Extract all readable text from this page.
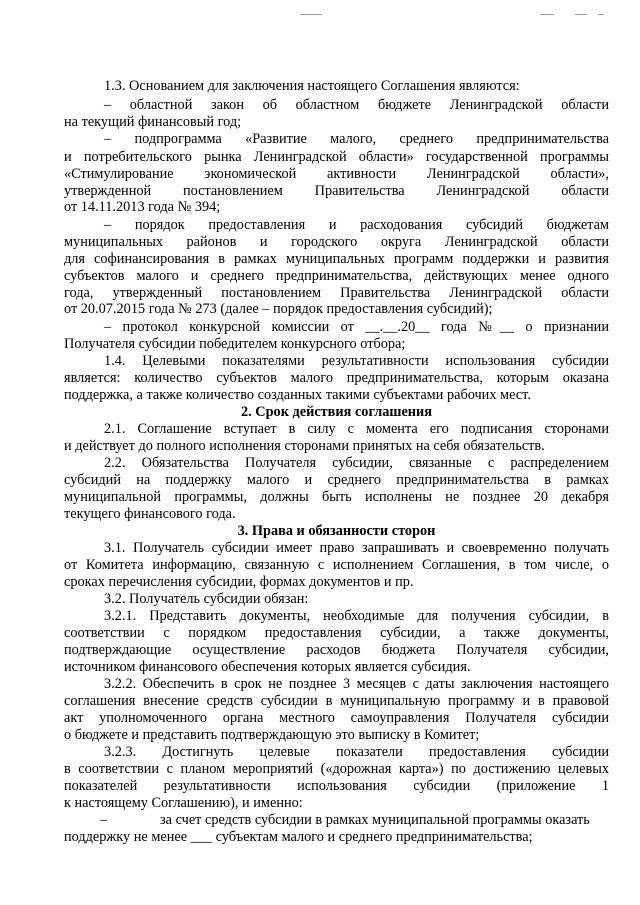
1.3. Основанием для заключения настоящего Соглашения являются:
– областной закон об областном бюджете Ленинградской области
на текущий финансовый год;
– подпрограмма «Развитие малого, среднего предпринимательства
и потребительского рынка Ленинградской области» государственной программы
«Стимулирование экономической активности Ленинградской области»,
утвержденной постановлением Правительства Ленинградской области
от 14.11.2013 года № 394;
– порядок предоставления и расходования субсидий бюджетам
муниципальных районов и городского округа Ленинградской области
для софинансирования в рамках муниципальных программ поддержки и развития
субъектов малого и среднего предпринимательства, действующих менее одного
года, утвержденный постановлением Правительства Ленинградской области
от 20.07.2015 года № 273 (далее – порядок предоставления субсидий);
– протокол конкурсной комиссии от __.__.20__ года №__ о признании
Получателя субсидии победителем конкурсного отбора;
1.4. Целевыми показателями результативности использования субсидии
является: количество субъектов малого предпринимательства, которым оказана
поддержка, а также количество созданных такими субъектами рабочих мест.
2. Срок действия соглашения
2.1. Соглашение вступает в силу с момента его подписания сторонами
и действует до полного исполнения сторонами принятых на себя обязательств.
2.2. Обязательства Получателя субсидии, связанные с распределением
субсидий на поддержку малого и среднего предпринимательства в рамках
муниципальной программы, должны быть исполнены не позднее 20 декабря
текущего финансового года.
3. Права и обязанности сторон
3.1. Получатель субсидии имеет право запрашивать и своевременно получать
от Комитета информацию, связанную с исполнением Соглашения, в том числе, о
сроках перечисления субсидии, формах документов и пр.
3.2. Получатель субсидии обязан:
3.2.1. Представить документы, необходимые для получения субсидии, в
соответствии с порядком предоставления субсидии, а также документы,
подтверждающие осуществление расходов бюджета Получателя субсидии,
источником финансового обеспечения которых является субсидия.
3.2.2. Обеспечить в срок не позднее 3 месяцев с даты заключения настоящего
соглашения внесение средств субсидии в муниципальную программу и в правовой
акт уполномоченного органа местного самоуправления Получателя субсидии
о бюджете и представить подтверждающую это выписку в Комитет;
3.2.3. Достигнуть целевые показатели предоставления субсидии
в соответствии с планом мероприятий («дорожная карта») по достижению целевых
показателей результативности использования субсидии (приложение 1
к настоящему Соглашению), и именно:
–	за счет средств субсидии в рамках муниципальной программы оказать
поддержку не менее ___ субъектам малого и среднего предпринимательства;
